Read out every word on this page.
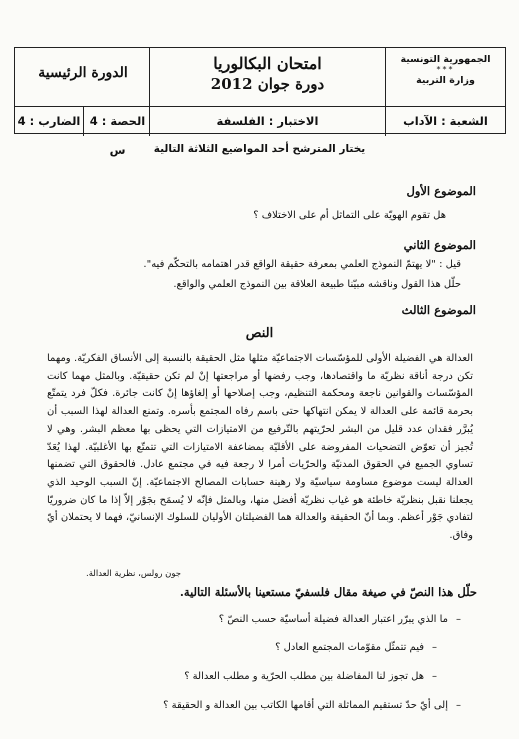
الجمهورية التونسية
***
وزارة التربية
امتحان البكالوريا
دورة جوان 2012
الدورة الرئيسية
الشعبة : الآداب
الاختبار : الفلسفة
الحصة : 4 س
الضارب : 4
يختار المترشح أحد المواضيع الثلاثة التالية
الموضوع الأول
هل تقوم الهويّة على التماثل أم على الاختلاف ؟
الموضوع الثاني
قيل : "لا يهتمّ النموذج العلمي بمعرفة حقيقة الواقع قدر اهتمامه بالتحكّم فيه".
حلّل هذا القول وناقشه مبيّنا طبيعة العلاقة بين النموذج العلمي والواقع.
الموضوع الثالث
النص

العدالة هي الفضيلة الأولى للمؤسّسات الاجتماعيّة مثلها مثل الحقيقة بالنسبة إلى الأنساق الفكريّة. ومهما تكن درجة أناقة نظريّة ما واقتصادها، وجب رفضها أو مراجعتها إنْ لم تكن حقيقيّة. وبالمثل مهما كانت المؤسّسات والقوانين ناجعة ومحكمة التنظيم، وجب إصلاحها أو إلغاؤها إنْ كانت جائرة. فكلّ فرد يتمتّع بحرمة قائمة على العدالة لا يمكن انتهاكها حتى باسم رفاه المجتمع بأسره. وتمنع العدالة لهذا السبب أن يُبرَّر فقدان عدد قليل من البشر لحرّيتهم بالتّرفيع من الامتيازات التي يحظى بها معظم البشر. وهي لا تُجيز أن تعوّض التضحيات المفروضة على الأقليّة بمضاعفة الامتيازات التي تتمتّع بها الأغلبيّة. لهذا يُعَدّ تساوي الجميع في الحقوق المدنيّة والحرّيات أمرا لا رجعة فيه في مجتمع عادل. فالحقوق التي تضمنها العدالة ليست موضوع مساومة سياسيّة ولا رهينة حسابات المصالح الاجتماعيّة. إنّ السبب الوحيد الذي يجعلنا نقبل بنظريّة خاطئة هو غياب نظريّة أفضل منها، وبالمثل فإنّه لا يُسمَح بجَوْر إلاّ إذا ما كان ضروريّا لتفادي جَوْر أعظم. وبما أنّ الحقيقة والعدالة هما الفضيلتان الأوليان للسلوك الإنسانيّ، فهما لا يحتملان أيّ وفاق.

جون رولس، نظرية العدالة.
حلّل هذا النصّ في صيغة مقال فلسفيّ مستعينا بالأسئلة التالية.
–ما الذي يبرّر اعتبار العدالة فضيلة أساسيّة حسب النصّ ؟
–فيم تتمثّل مقوّمات المجتمع العادل ؟
–هل تجوز لنا المفاضلة بين مطلب الحرّية و مطلب العدالة ؟
–إلى أيّ حدّ تستقيم المماثلة التي أقامها الكاتب بين العدالة و الحقيقة ؟
